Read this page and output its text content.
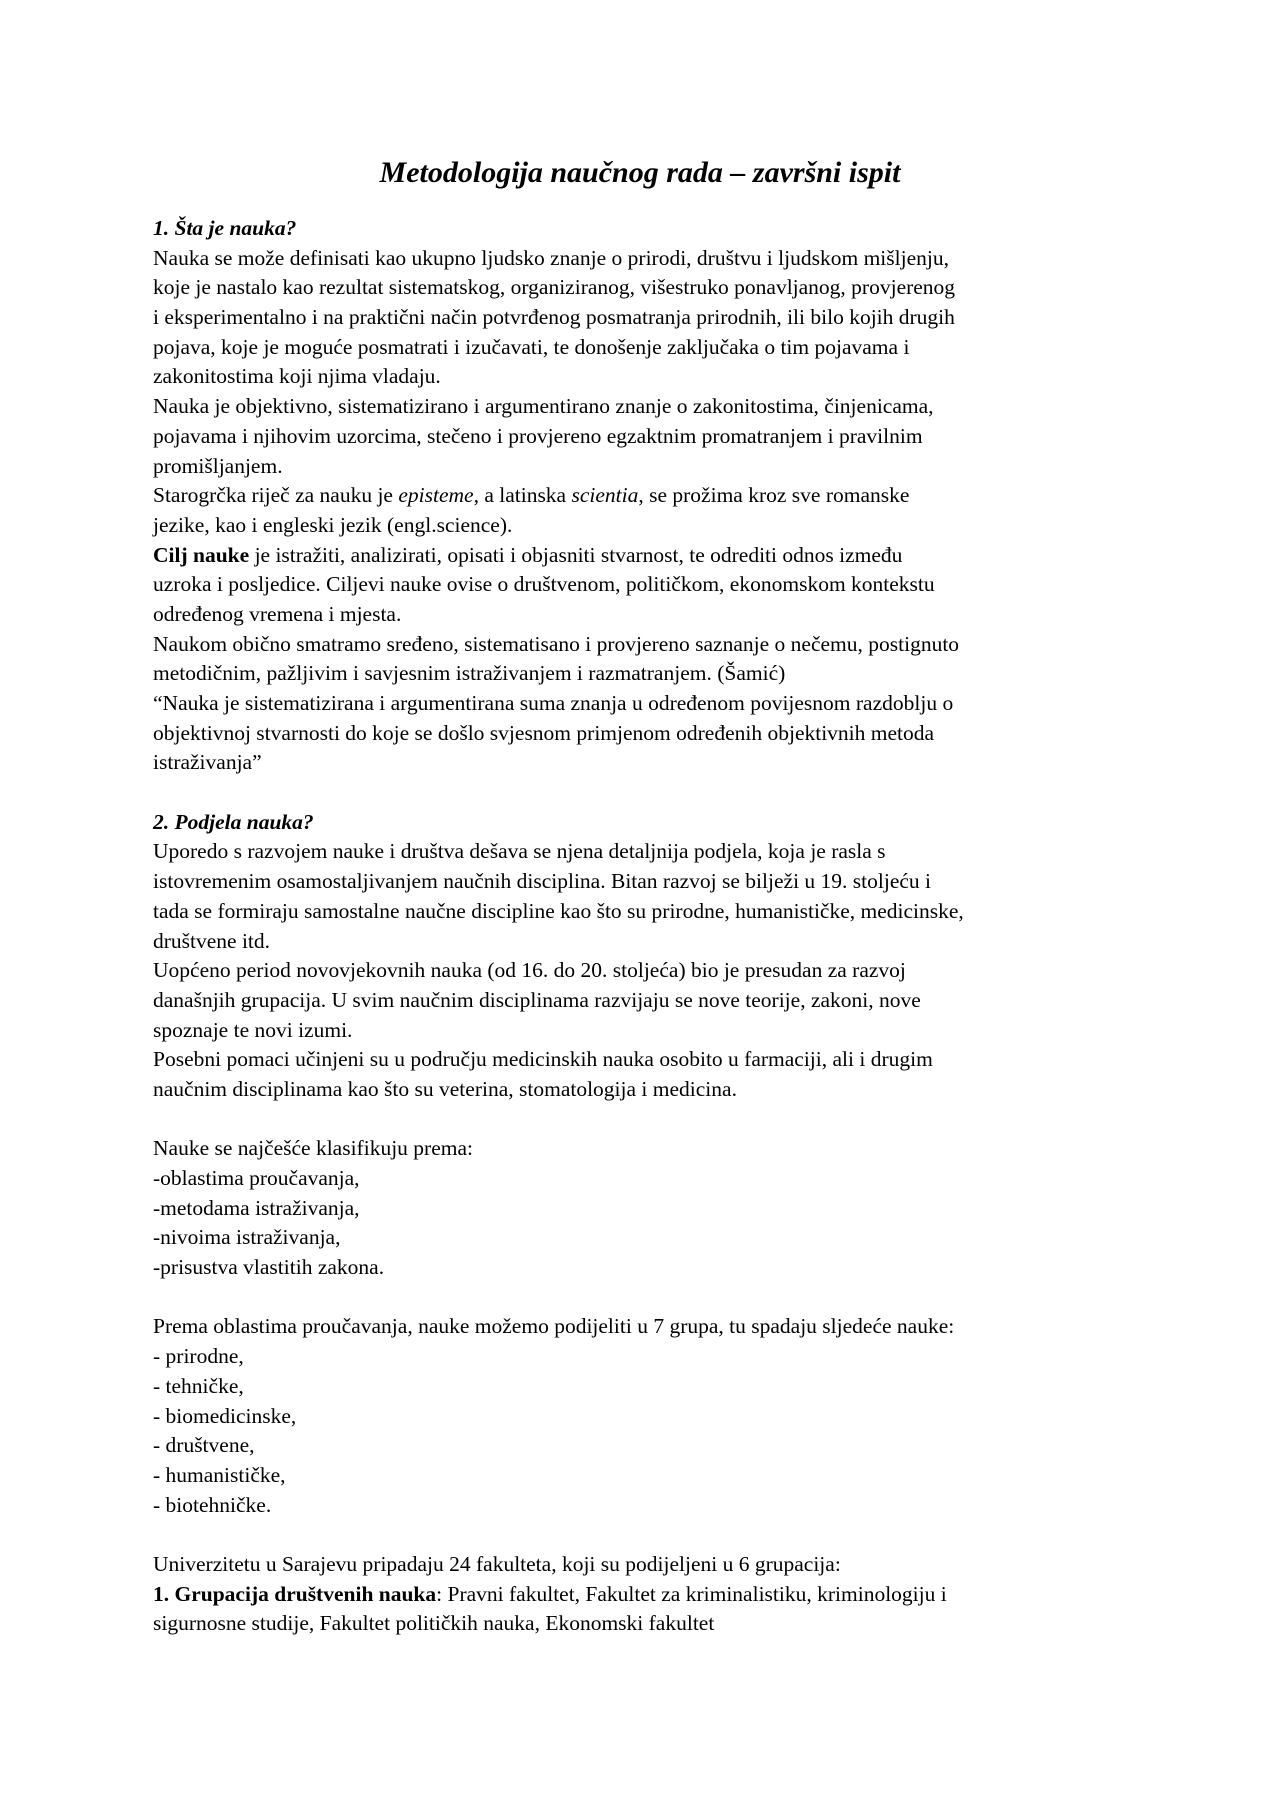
Metodologija naučnog rada – završni ispit
1. Šta je nauka?
Nauka se može definisati kao ukupno ljudsko znanje o prirodi, društvu i ljudskom mišljenju,
koje je nastalo kao rezultat sistematskog, organiziranog, višestruko ponavljanog, provjerenog
i eksperimentalno i na praktični način potvrđenog posmatranja prirodnih, ili bilo kojih drugih
pojava, koje je moguće posmatrati i izučavati, te donošenje zaključaka o tim pojavama i
zakonitostima koji njima vladaju.
Nauka je objektivno, sistematizirano i argumentirano znanje o zakonitostima, činjenicama,
pojavama i njihovim uzorcima, stečeno i provjereno egzaktnim promatranjem i pravilnim
promišljanjem.
Starogrčka riječ za nauku je episteme, a latinska scientia, se prožima kroz sve romanske
jezike, kao i engleski jezik (engl.science).
Cilj nauke je istražiti, analizirati, opisati i objasniti stvarnost, te odrediti odnos između
uzroka i posljedice. Ciljevi nauke ovise o društvenom, političkom, ekonomskom kontekstu
određenog vremena i mjesta.
Naukom obično smatramo sređeno, sistematisano i provjereno saznanje o nečemu, postignuto
metodičnim, pažljivim i savjesnim istraživanjem i razmatranjem. (Šamić)
“Nauka je sistematizirana i argumentirana suma znanja u određenom povijesnom razdoblju o
objektivnoj stvarnosti do koje se došlo svjesnom primjenom određenih objektivnih metoda
istraživanja”
2. Podjela nauka?
Uporedo s razvojem nauke i društva dešava se njena detaljnija podjela, koja je rasla s
istovremenim osamostaljivanjem naučnih disciplina. Bitan razvoj se bilježi u 19. stoljeću i
tada se formiraju samostalne naučne discipline kao što su prirodne, humanističke, medicinske,
društvene itd.
Uopćeno period novovjekovnih nauka (od 16. do 20. stoljeća) bio je presudan za razvoj
današnjih grupacija. U svim naučnim disciplinama razvijaju se nove teorije, zakoni, nove
spoznaje te novi izumi.
Posebni pomaci učinjeni su u području medicinskih nauka osobito u farmaciji, ali i drugim
naučnim disciplinama kao što su veterina, stomatologija i medicina.
Nauke se najčešće klasifikuju prema:
-oblastima proučavanja,
-metodama istraživanja,
-nivoima istraživanja,
-prisustva vlastitih zakona.
Prema oblastima proučavanja, nauke možemo podijeliti u 7 grupa, tu spadaju sljedeće nauke:
- prirodne,
- tehničke,
- biomedicinske,
- društvene,
- humanističke,
- biotehničke.
Univerzitetu u Sarajevu pripadaju 24 fakulteta, koji su podijeljeni u 6 grupacija:
1. Grupacija društvenih nauka: Pravni fakultet, Fakultet za kriminalistiku, kriminologiju i
sigurnosne studije, Fakultet političkih nauka, Ekonomski fakultet
